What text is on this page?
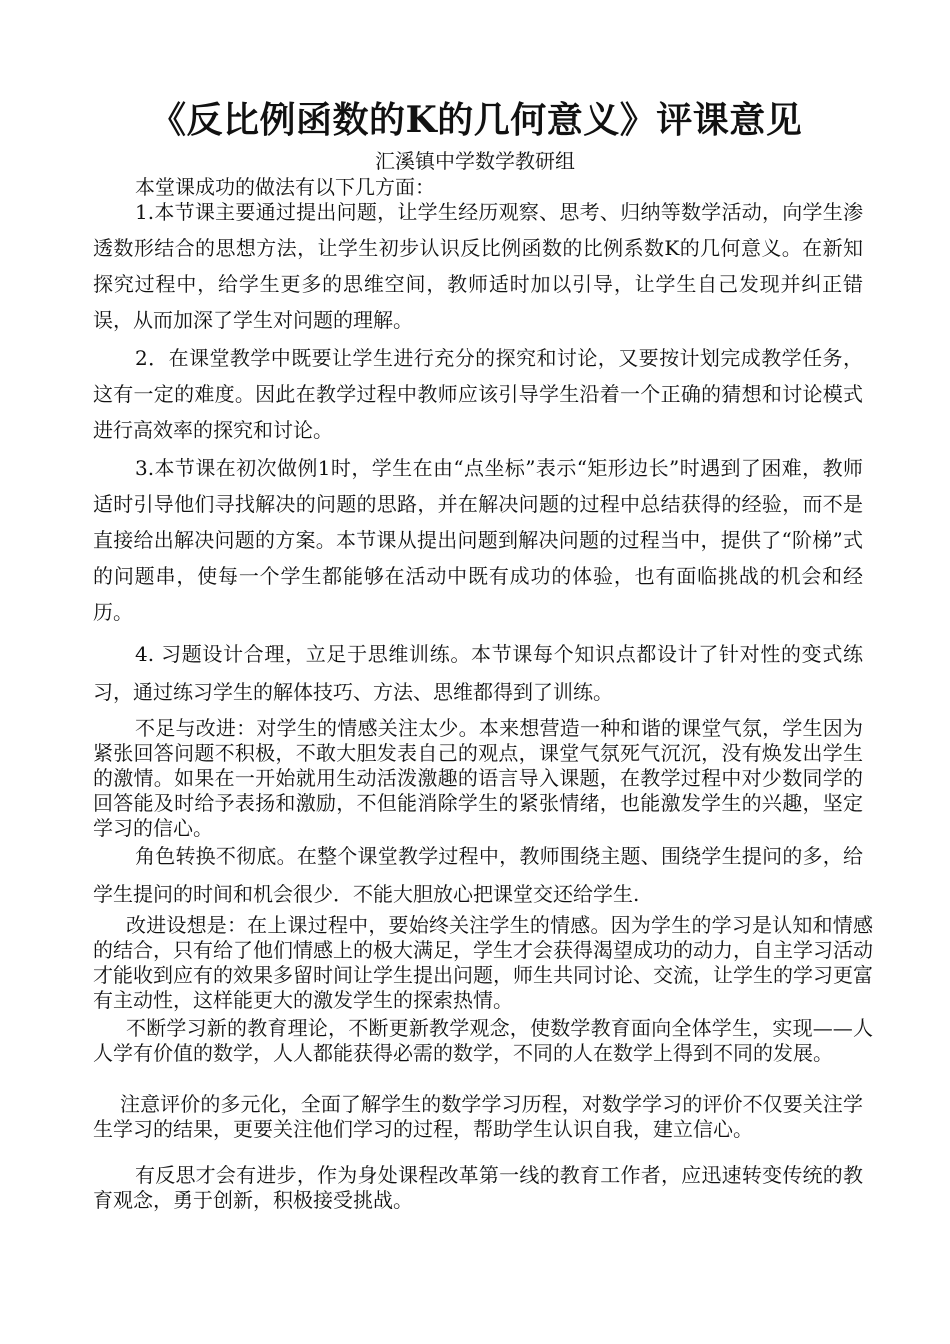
《反比例函数的K的几何意义》评课意见
汇溪镇中学数学教研组
本堂课成功的做法有以下几方面：

1.本节课主要通过提出问题，让学生经历观察、思考、归纳等数学活动，向学生渗透数形结合的思想方法，让学生初步认识反比例函数的比例系数K的几何意义。在新知探究过程中，给学生更多的思维空间，教师适时加以引导，让学生自己发现并纠正错误，从而加深了学生对问题的理解。

2．在课堂教学中既要让学生进行充分的探究和讨论，又要按计划完成教学任务，这有一定的难度。因此在教学过程中教师应该引导学生沿着一个正确的猜想和讨论模式进行高效率的探究和讨论。

3.本节课在初次做例1时，学生在由“点坐标”表示“矩形边长”时遇到了困难，教师适时引导他们寻找解决的问题的思路，并在解决问题的过程中总结获得的经验，而不是直接给出解决问题的方案。本节课从提出问题到解决问题的过程当中，提供了“阶梯”式的问题串，使每一个学生都能够在活动中既有成功的体验，也有面临挑战的机会和经历。

4. 习题设计合理，立足于思维训练。本节课每个知识点都设计了针对性的变式练习，通过练习学生的解体技巧、方法、思维都得到了训练。

不足与改进：对学生的情感关注太少。本来想营造一种和谐的课堂气氛，学生因为紧张回答问题不积极，不敢大胆发表自己的观点，课堂气氛死气沉沉，没有焕发出学生的激情。如果在一开始就用生动活泼激趣的语言导入课题，在教学过程中对少数同学的回答能及时给予表扬和激励，不但能消除学生的紧张情绪，也能激发学生的兴趣，坚定学习的信心。

角色转换不彻底。在整个课堂教学过程中，教师围绕主题、围绕学生提问的多，给学生提问的时间和机会很少．不能大胆放心把课堂交还给学生.

改进设想是：在上课过程中，要始终关注学生的情感。因为学生的学习是认知和情感的结合，只有给了他们情感上的极大满足，学生才会获得渴望成功的动力，自主学习活动才能收到应有的效果多留时间让学生提出问题，师生共同讨论、交流，让学生的学习更富有主动性，这样能更大的激发学生的探索热情。

不断学习新的教育理论，不断更新教学观念，使数学教育面向全体学生，实现——人人学有价值的数学，人人都能获得必需的数学，不同的人在数学上得到不同的发展。

注意评价的多元化，全面了解学生的数学学习历程，对数学学习的评价不仅要关注学生学习的结果，更要关注他们学习的过程，帮助学生认识自我，建立信心。

有反思才会有进步，作为身处课程改革第一线的教育工作者，应迅速转变传统的教育观念，勇于创新，积极接受挑战。
